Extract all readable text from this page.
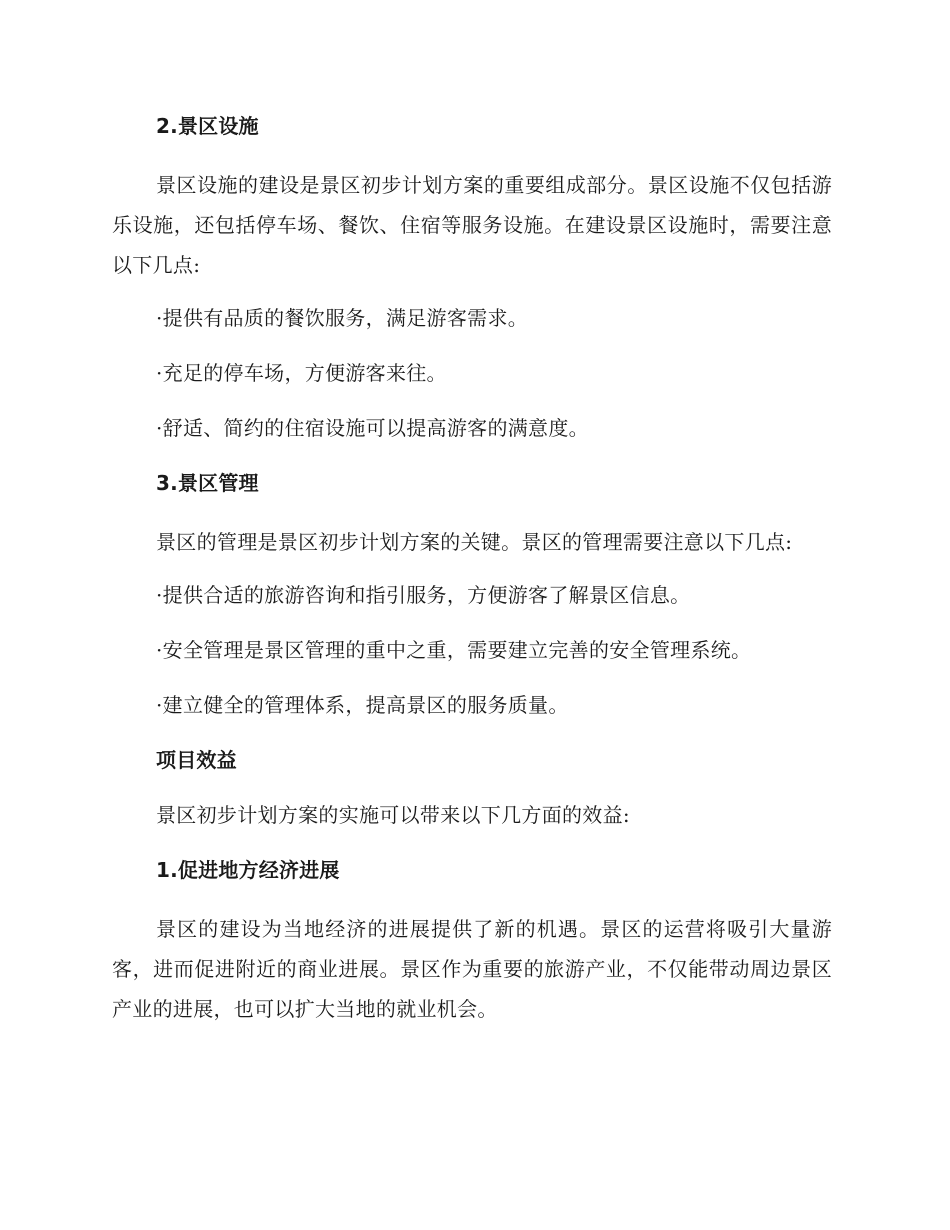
2.景区设施

景区设施的建设是景区初步计划方案的重要组成部分。景区设施不仅包括游乐设施，还包括停车场、餐饮、住宿等服务设施。在建设景区设施时，需要注意以下几点:

·提供有品质的餐饮服务，满足游客需求。
·充足的停车场，方便游客来往。
·舒适、简约的住宿设施可以提高游客的满意度。
3.景区管理

景区的管理是景区初步计划方案的关键。景区的管理需要注意以下几点:

·提供合适的旅游咨询和指引服务，方便游客了解景区信息。
·安全管理是景区管理的重中之重，需要建立完善的安全管理系统。
·建立健全的管理体系，提高景区的服务质量。
项目效益

景区初步计划方案的实施可以带来以下几方面的效益:

1.促进地方经济进展

景区的建设为当地经济的进展提供了新的机遇。景区的运营将吸引大量游客，进而促进附近的商业进展。景区作为重要的旅游产业，不仅能带动周边景区产业的进展，也可以扩大当地的就业机会。
